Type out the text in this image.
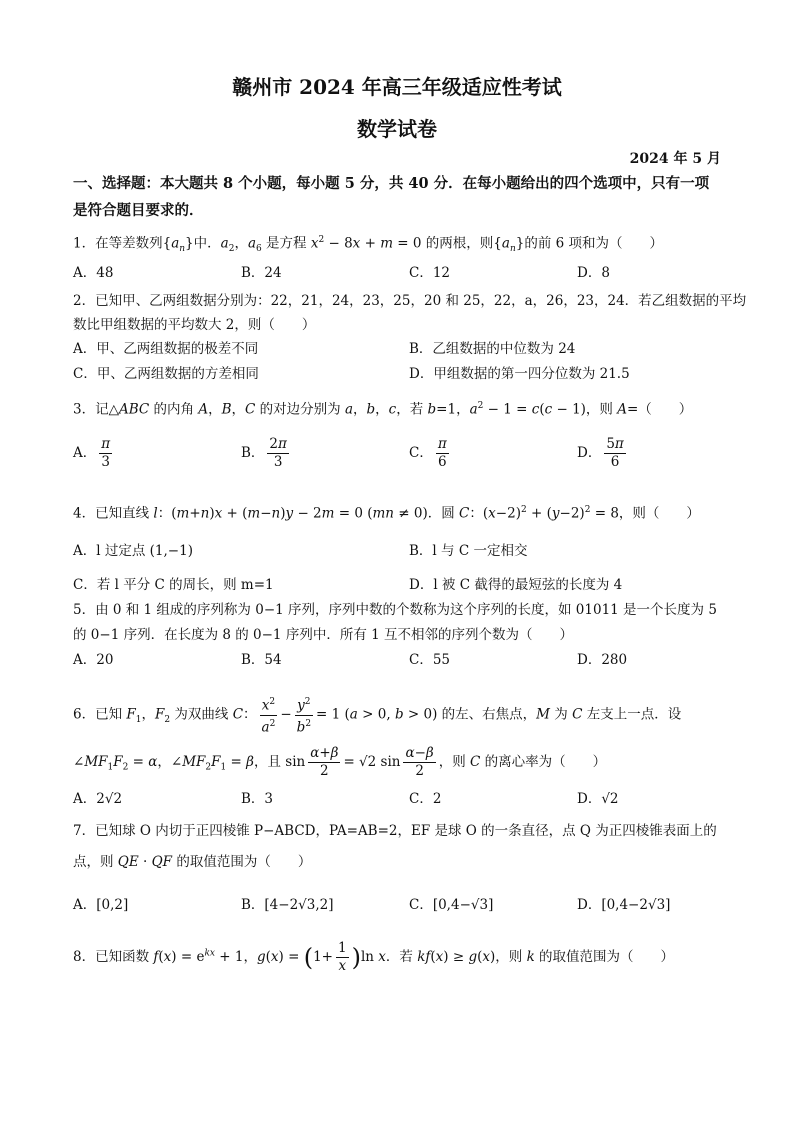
赣州市 2024 年高三年级适应性考试
数学试卷
2024 年 5 月
一、选择题：本大题共 8 个小题，每小题 5 分，共 40 分．在每小题给出的四个选项中，只有一项是符合题目要求的．
1．在等差数列$\{a_n\}$中．$a_2$，$a_6$ 是方程 $x^2 - 8x + m = 0$ 的两根，则$\{a_n\}$的前 6 项和为（　　）
A．48	B．24	C．12	D．8
2．已知甲、乙两组数据分别为：22，21，24，23，25，20 和 25，22，a，26，23，24．若乙组数据的平均
数比甲组数据的平均数大 2，则（　　）
A．甲、乙两组数据的极差不同	B．乙组数据的中位数为 24
C．甲、乙两组数据的方差相同	D．甲组数据的第一四分位数为 21.5
3．记△ABC 的内角 A，B，C 的对边分别为 a，b，c，若 b=1，$a^2 - 1 = c(c - 1)$，则 A=（　　）
A． $\frac{\pi}{3}$	B． $\frac{2\pi}{3}$	C． $\frac{\pi}{6}$	D． $\frac{5\pi}{6}$
4．已知直线 l：(m+n)x + (m−n)y − 2m = 0 (mn ≠ 0)．圆 C：$(x-2)^2 + (y-2)^2 = 8$，则（　　）
A．l 过定点 (1,−1)	B．l 与 C 一定相交
C．若 l 平分 C 的周长，则 m=1	D．l 被 C 截得的最短弦的长度为 4
5．由 0 和 1 组成的序列称为 0−1 序列，序列中数的个数称为这个序列的长度，如 01011 是一个长度为 5
的 0−1 序列．在长度为 8 的 0−1 序列中．所有 1 互不相邻的序列个数为（　　）
A．20	B．54	C．55	D．280
6．已知 $F_1$，$F_2$ 为双曲线 C： $\frac{x^2}{a^2} - \frac{y^2}{b^2} = 1$ (a > 0, b > 0) 的左、右焦点，M 为 C 左支上一点．设
$\angle MF_1F_2 = \alpha$，$\angle MF_2F_1 = \beta$，且 $\sin \frac{\alpha+\beta}{2} = √2$ $\sin \frac{\alpha-\beta}{2}$ ，则 C 的离心率为（　　）
A．2√2	B．3	C．2	D．√2
7．已知球 O 内切于正四棱锥 P−ABCD，PA=AB=2，EF 是球 O 的一条直径，点 Q 为正四棱锥表面上的
点，则 QE · QF 的取值范围为（　　）
A．[0,2]	B．[4−2√3,2]	C．[0,4−√3]	D．[0,4−2√3]
8．已知函数 $f(x) = e^{kx} + 1$，$g(x) = (1+ \frac{1}{x} )\ln$ x．若 kf(x) ≥ g(x)，则 k 的取值范围为（　　）
